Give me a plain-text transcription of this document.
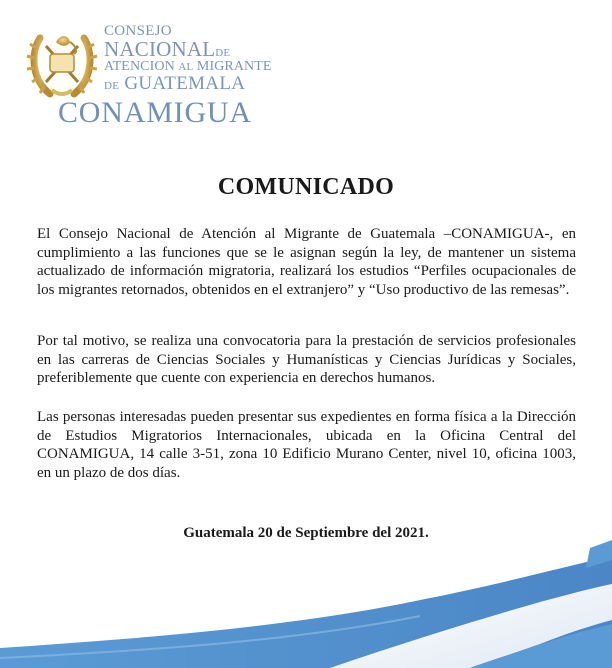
CONSEJO
NACIONALDE
ATENCION AL MIGRANTE
DE GUATEMALA
CONAMIGUA
COMUNICADO

El Consejo Nacional de Atención al Migrante de Guatemala –CONAMIGUA-, en cumplimiento a las funciones que se le asignan según la ley, de mantener un sistema actualizado de información migratoria, realizará los estudios “Perfiles ocupacionales de los migrantes retornados, obtenidos en el extranjero” y “Uso productivo de las remesas”.

Por tal motivo, se realiza una convocatoria para la prestación de servicios profesionales en las carreras de Ciencias Sociales y Humanísticas y Ciencias Jurídicas y Sociales, preferiblemente que cuente con experiencia en derechos humanos.

Las personas interesadas pueden presentar sus expedientes en forma física a la Dirección de Estudios Migratorios Internacionales, ubicada en la Oficina Central del CONAMIGUA, 14 calle 3-51, zona 10 Edificio Murano Center, nivel 10, oficina 1003, en un plazo de dos días.

Guatemala 20 de Septiembre del 2021.
